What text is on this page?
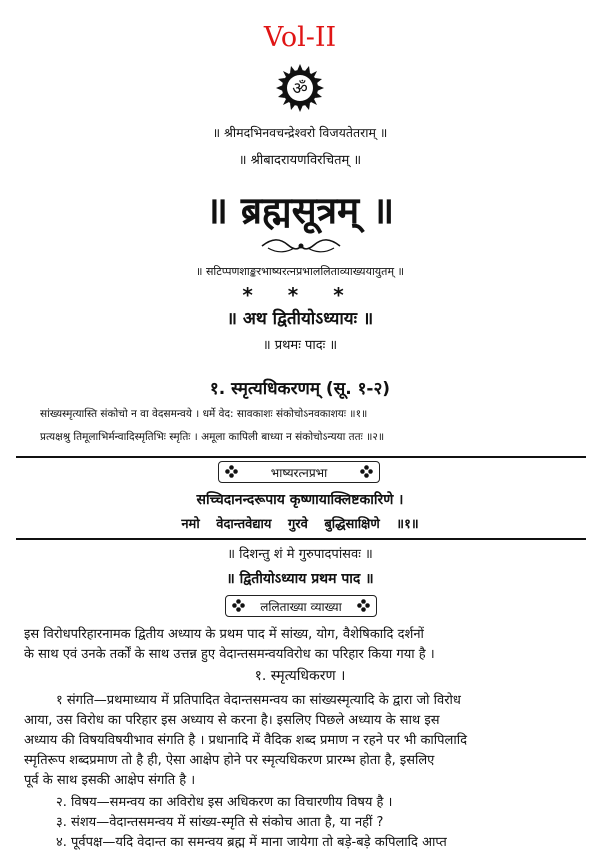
Vol-II
ॐ
॥ श्रीमदभिनवचन्द्रेश्वरो विजयतेतराम् ॥
॥ श्रीबादरायणविरचितम् ॥
॥ ब्रह्मसूत्रम् ॥
॥ सटिप्पणशाङ्करभाष्यरत्नप्रभाललिताव्याख्ययायुतम् ॥
* * *
॥ अथ द्वितीयोऽध्यायः ॥
॥ प्रथमः पादः ॥
१. स्मृत्यधिकरणम् (सू. १-२)
सांख्यस्मृत्यास्ति संकोचो न वा वेदसमन्वये । धर्मे वेद: सावकाशः संकोचोऽनवकाशयः ॥१॥
प्रत्यक्षश्रु तिमूलाभिर्मन्वादिस्मृतिभिः स्मृतिः । अमूला कापिली बाध्या न संकोचोऽन्यया ततः ॥२॥
भाष्यरत्नप्रभा
सच्चिदानन्दरूपाय कृष्णायाक्लिष्टकारिणे ।
नमो वेदान्तवेद्याय गुरवे बुद्धिसाक्षिणे ॥१॥
॥ दिशन्तु शं मे गुरुपादपांसवः ॥
॥ द्वितीयोऽध्याय प्रथम पाद ॥
ललिताख्या व्याख्या
इस विरोधपरिहारनामक द्वितीय अध्याय के प्रथम पाद में सांख्य, योग, वैशेषिकादि दर्शनों
के साथ एवं उनके तर्कों के साथ उत्तन्न हुए वेदान्तसमन्वयविरोध का परिहार किया गया है ।
१. स्मृत्यधिकरण ।
१ संगति—प्रथमाध्याय में प्रतिपादित वेदान्तसमन्वय का सांख्यस्मृत्यादि के द्वारा जो विरोध
आया, उस विरोध का परिहार इस अध्याय से करना है। इसलिए पिछले अध्याय के साथ इस
अध्याय की विषयविषयीभाव संगति है । प्रधानादि में वैदिक शब्द प्रमाण न रहने पर भी कापिलादि
स्मृतिरूप शब्दप्रमाण तो है ही, ऐसा आक्षेप होने पर स्मृत्यधिकरण प्रारम्भ होता है, इसलिए
पूर्व के साथ इसकी आक्षेप संगति है ।
२. विषय—समन्वय का अविरोध इस अधिकरण का विचारणीय विषय है ।
३. संशय—वेदान्तसमन्वय में सांख्य-स्मृति से संकोच आता है, या नहीं ?
४. पूर्वपक्ष—यदि वेदान्त का समन्वय ब्रह्म में माना जायेगा तो बड़े-बड़े कपिलादि आप्त
